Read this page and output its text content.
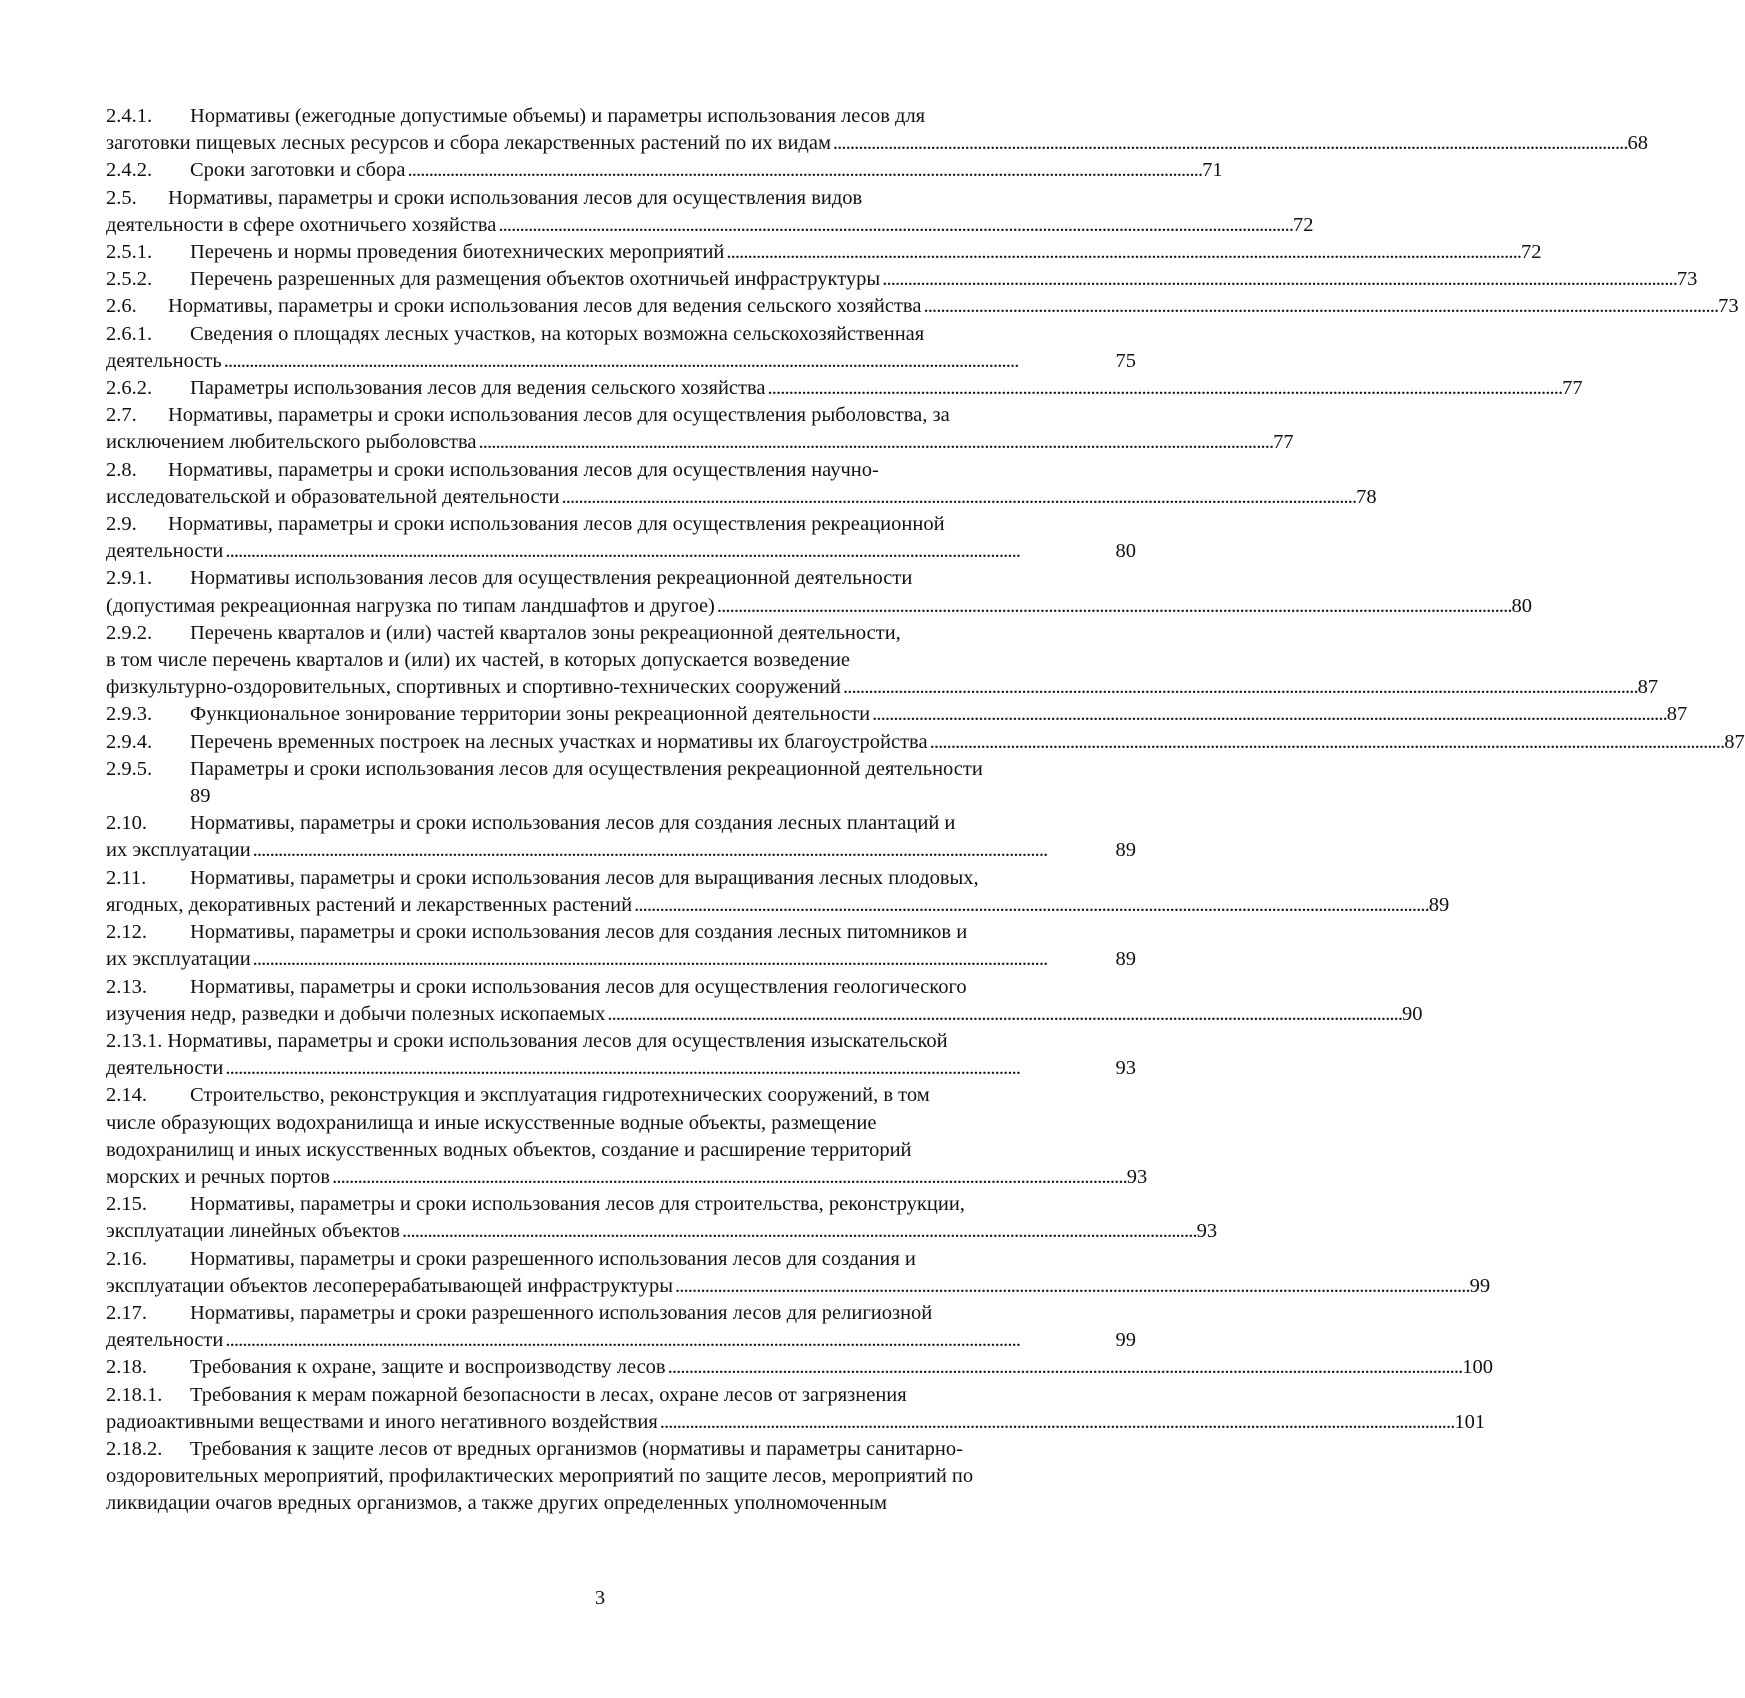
2.4.1.	Нормативы (ежегодные допустимые объемы) и параметры использования лесов для
заготовки пищевых лесных ресурсов и сбора лекарственных растений по их видам . . .	68
2.4.2.	Сроки заготовки и сбора . . .	71
2.5.	Нормативы, параметры и сроки использования лесов для осуществления видов
деятельности в сфере охотничьего хозяйства . . .	72
2.5.1.	Перечень и нормы проведения биотехнических мероприятий . . .	72
2.5.2.	Перечень разрешенных для размещения объектов охотничьей инфраструктуры . . .	73
2.6.	Нормативы, параметры и сроки использования лесов для ведения сельского хозяйства . . .	73
2.6.1.	Сведения о площадях лесных участков, на которых возможна сельскохозяйственная
деятельность . . .	75
2.6.2.	Параметры использования лесов для ведения сельского хозяйства . . .	77
2.7.	Нормативы, параметры и сроки использования лесов для осуществления рыболовства, за
исключением любительского рыболовства . . .	77
2.8.	Нормативы, параметры и сроки использования лесов для осуществления научно-
исследовательской и образовательной деятельности . . .	78
2.9.	Нормативы, параметры и сроки использования лесов для осуществления рекреационной
деятельности . . .	80
2.9.1.	Нормативы использования лесов для осуществления рекреационной деятельности
(допустимая рекреационная нагрузка по типам ландшафтов и другое) . . .	80
2.9.2.	Перечень кварталов и (или) частей кварталов зоны рекреационной деятельности,
в том числе перечень кварталов и (или) их частей, в которых допускается возведение
физкультурно-оздоровительных, спортивных и спортивно-технических сооружений . . .	87
2.9.3.	Функциональное зонирование территории зоны рекреационной деятельности . . .	87
2.9.4.	Перечень временных построек на лесных участках и нормативы их благоустройства . . .	87
2.9.5.	Параметры и сроки использования лесов для осуществления рекреационной деятельности
89
2.10.	Нормативы, параметры и сроки использования лесов для создания лесных плантаций и
их эксплуатации . . .	89
2.11.	Нормативы, параметры и сроки использования лесов для выращивания лесных плодовых,
ягодных, декоративных растений и лекарственных растений . . .	89
2.12.	Нормативы, параметры и сроки использования лесов для создания лесных питомников и
их эксплуатации . . .	89
2.13.	Нормативы, параметры и сроки использования лесов для осуществления геологического
изучения недр, разведки и добычи полезных ископаемых . . .	90
2.13.1. Нормативы, параметры и сроки использования лесов для осуществления изыскательской
деятельности . . .	93
2.14.	Строительство, реконструкция и эксплуатация гидротехнических сооружений, в том
числе образующих водохранилища и иные искусственные водные объекты, размещение
водохранилищ и иных искусственных водных объектов, создание и расширение территорий
морских и речных портов . . .	93
2.15.	Нормативы, параметры и сроки использования лесов для строительства, реконструкции,
эксплуатации линейных объектов . . .	93
2.16.	Нормативы, параметры и сроки разрешенного использования лесов для создания и
эксплуатации объектов лесоперерабатывающей инфраструктуры . . .	99
2.17.	Нормативы, параметры и сроки разрешенного использования лесов для религиозной
деятельности . . .	99
2.18.	Требования к охране, защите и воспроизводству лесов . . .	100
2.18.1.	Требования к мерам пожарной безопасности в лесах, охране лесов от загрязнения
радиоактивными веществами и иного негативного воздействия . . .	101
2.18.2.	Требования к защите лесов от вредных организмов (нормативы и параметры санитарно-
оздоровительных мероприятий, профилактических мероприятий по защите лесов, мероприятий по
ликвидации очагов вредных организмов, а также других определенных уполномоченным
3
